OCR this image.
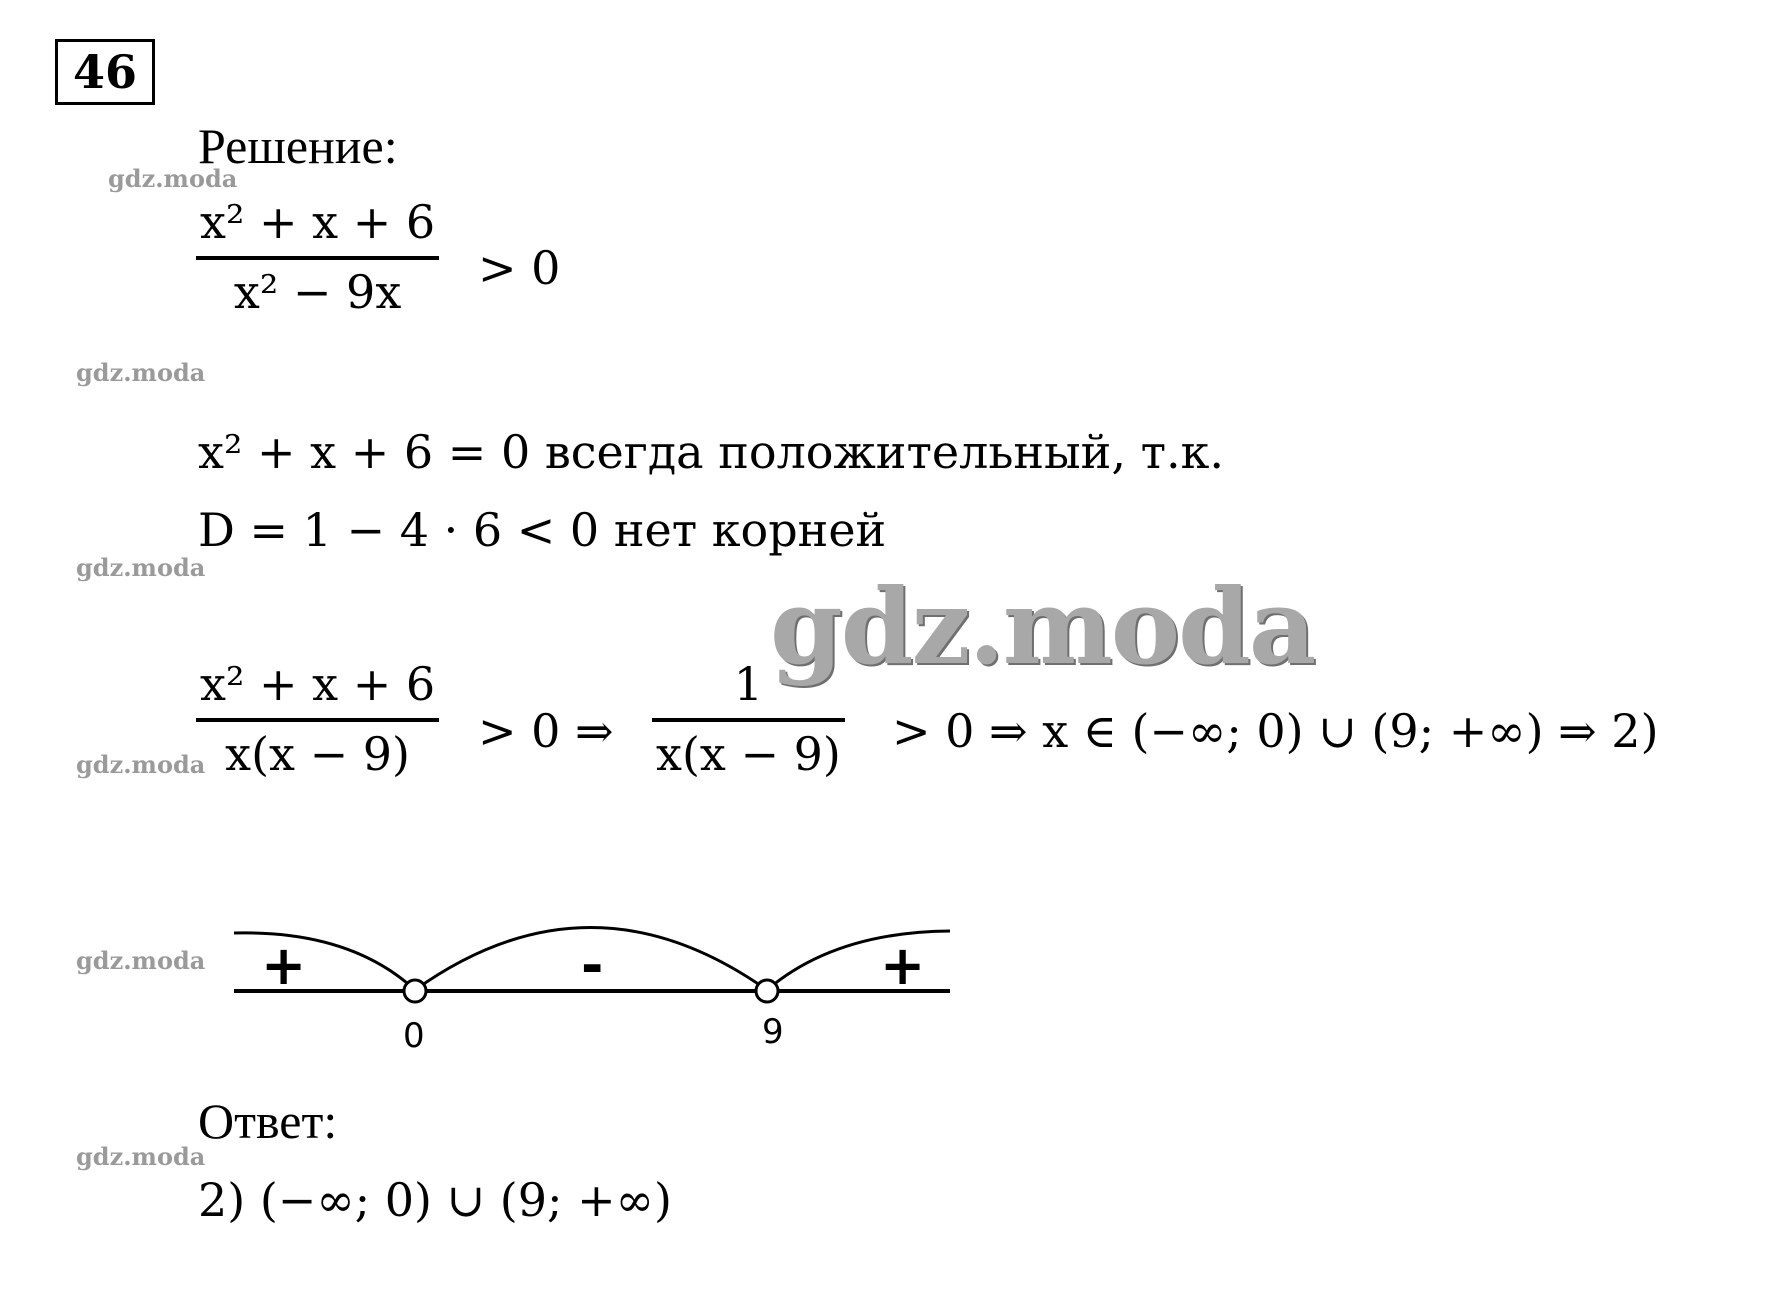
46
Решение:
x² + x + 6
x² − 9x > 0
x² + x + 6 = 0 всегда положительный, т.к.
D = 1 − 4 · 6 < 0 нет корней
gdz.moda
x² + x + 6
x(x − 9) > 0 ⇒
1
x(x − 9) > 0 ⇒ x ∈ (−∞; 0) ∪ (9; +∞) ⇒ 2)
+	-	+
0	9
Ответ:
2) (−∞; 0) ∪ (9; +∞)
gdz.moda
gdz.moda
gdz.moda
gdz.moda
gdz.moda
gdz.moda
